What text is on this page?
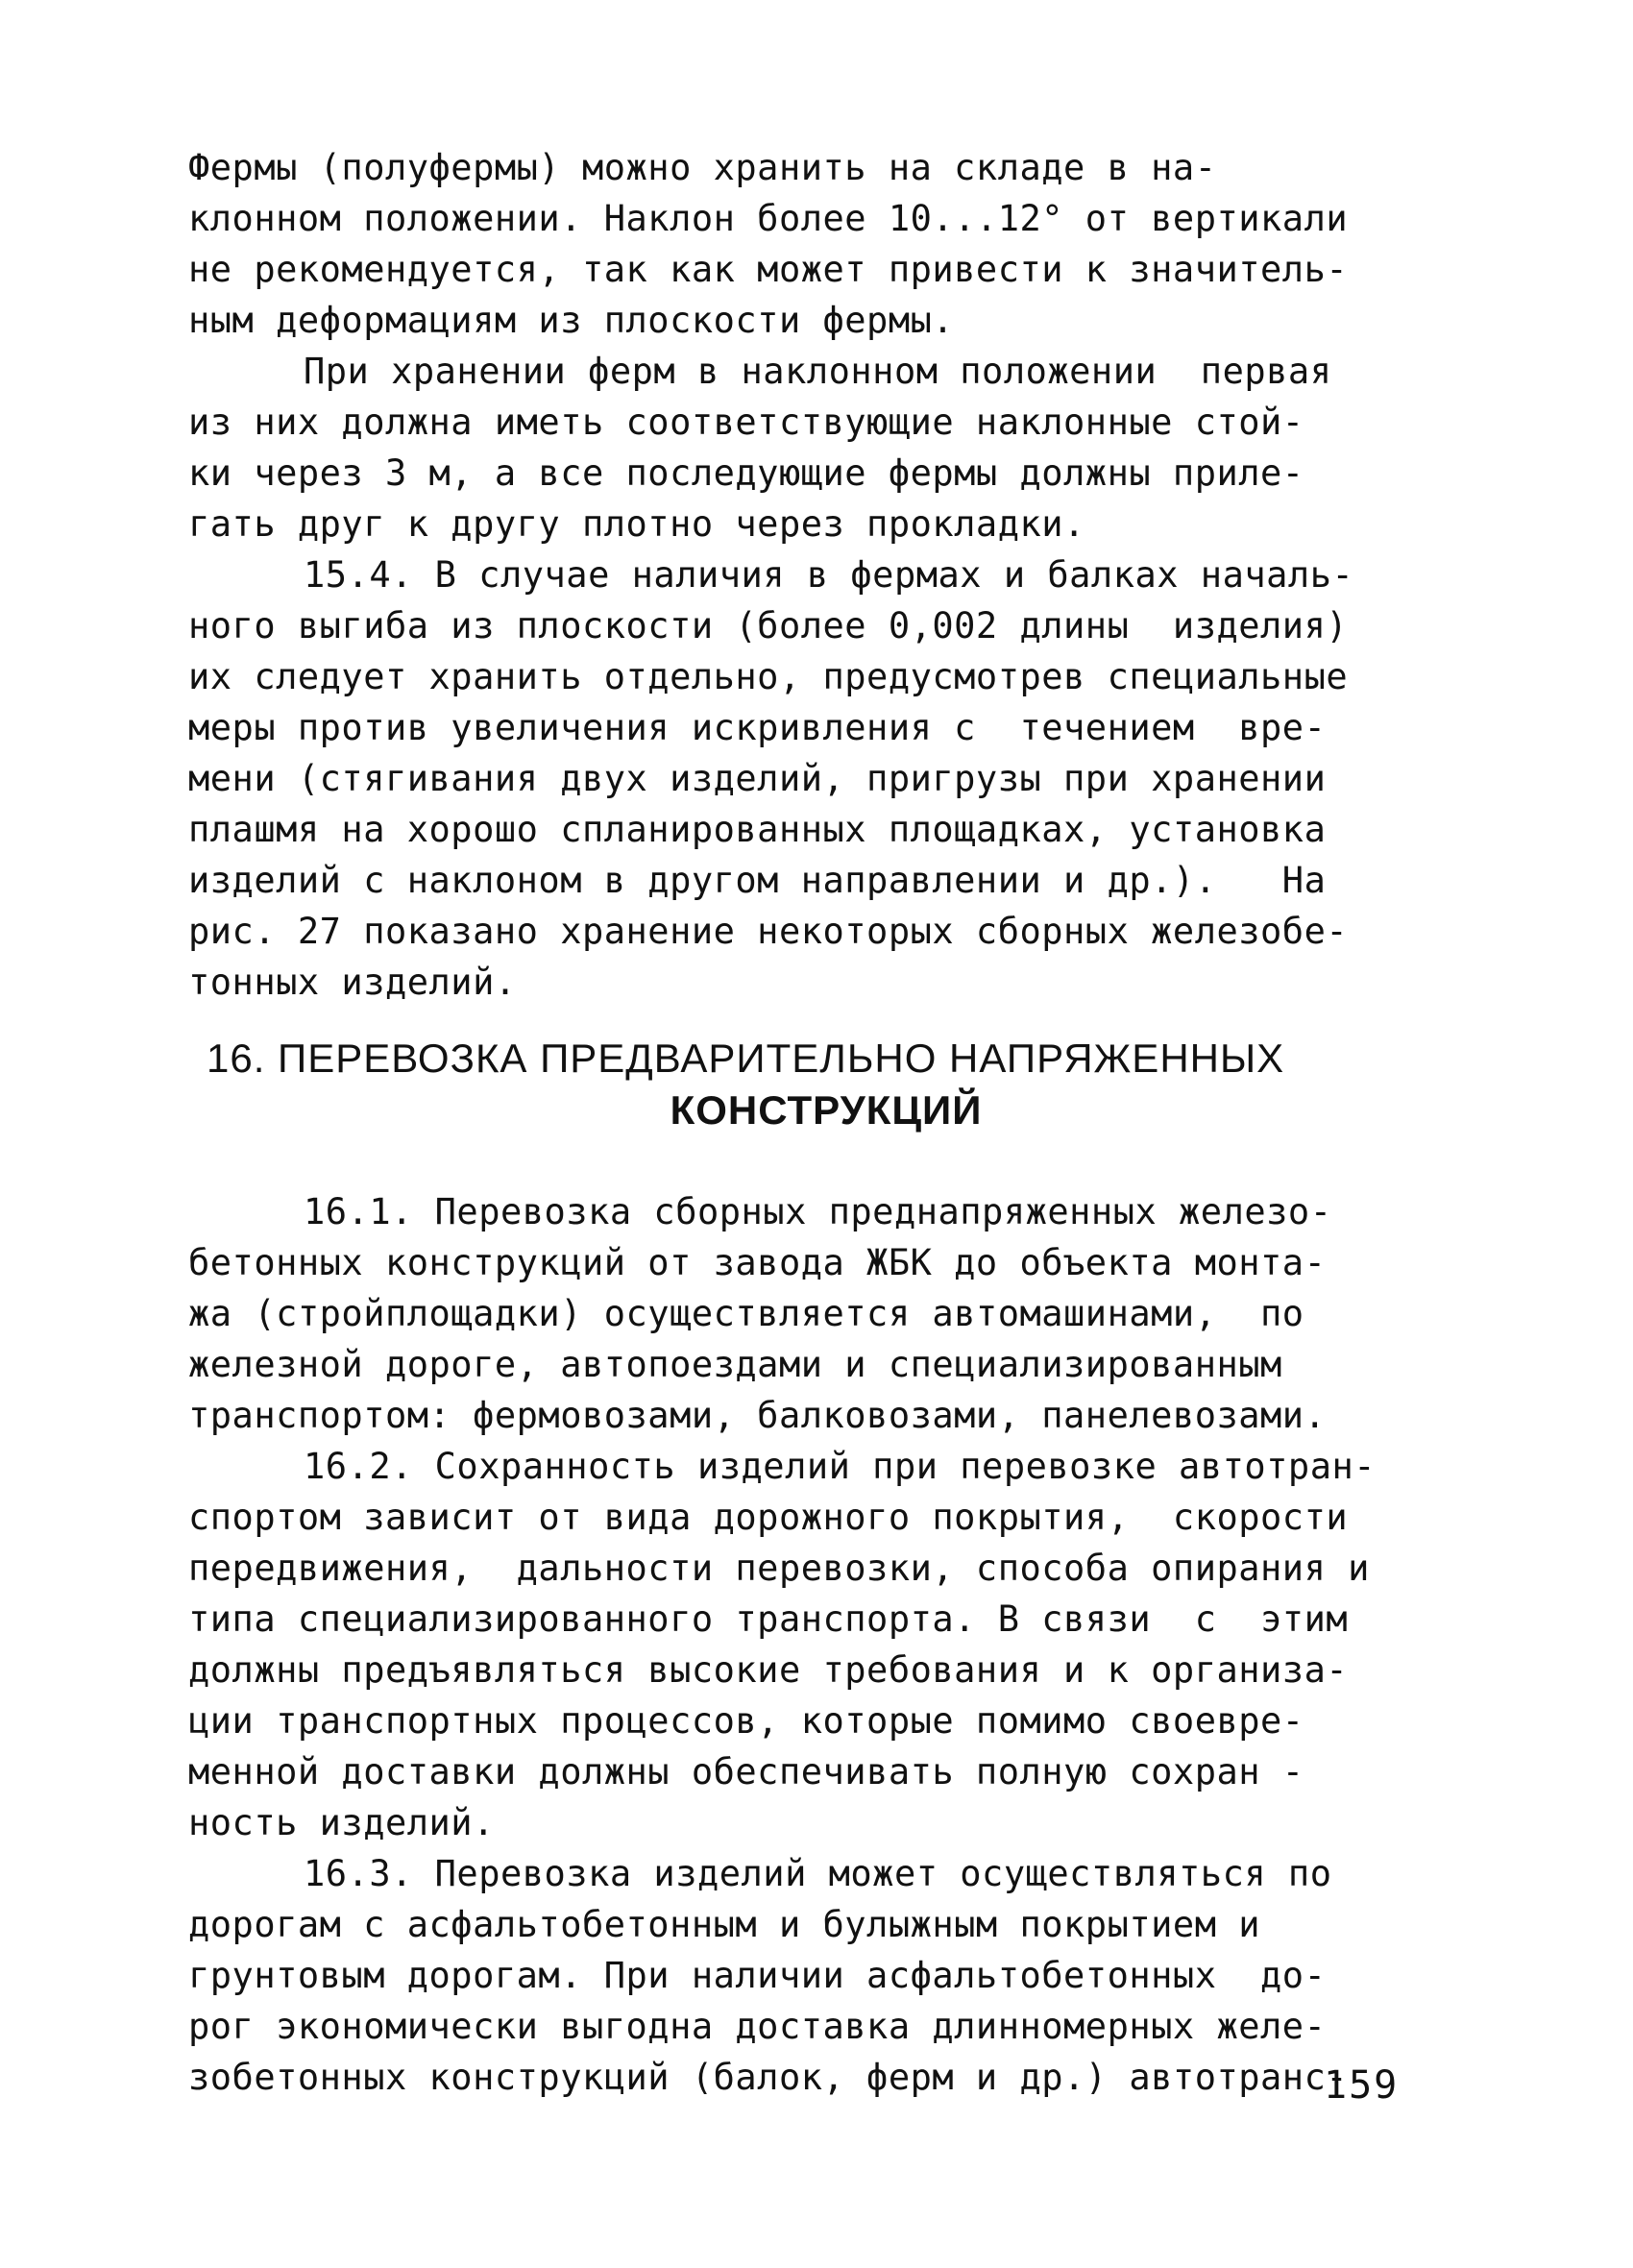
Фермы (полуфермы) можно хранить на складе в на-
клонном положении. Наклон более 10...12° от вертикали
не рекомендуется, так как может привести к значитель-
ным деформациям из плоскости фермы.
При хранении ферм в наклонном положении  первая
из них должна иметь соответствующие наклонные стой-
ки через 3 м, а все последующие фермы должны приле-
гать друг к другу плотно через прокладки.
15.4. В случае наличия в фермах и балках началь-
ного выгиба из плоскости (более 0,002 длины  изделия)
их следует хранить отдельно, предусмотрев специальные
меры против увеличения искривления с  течением  вре-
мени (стягивания двух изделий, пригрузы при хранении
плашмя на хорошо спланированных площадках, установка
изделий с наклоном в другом направлении и др.).   На
рис. 27 показано хранение некоторых сборных железобе-
тонных изделий.
16. ПЕРЕВОЗКА ПРЕДВАРИТЕЛЬНО НАПРЯЖЕННЫХ
КОНСТРУКЦИЙ
16.1. Перевозка сборных преднапряженных железо-
бетонных конструкций от завода ЖБК до объекта монта-
жа (стройплощадки) осуществляется автомашинами,  по
железной дороге, автопоездами и специализированным
транспортом: фермовозами, балковозами, панелевозами.
16.2. Сохранность изделий при перевозке автотран-
спортом зависит от вида дорожного покрытия,  скорости
передвижения,  дальности перевозки, способа опирания и
типа специализированного транспорта. В связи  с  этим
должны предъявляться высокие требования и к организа-
ции транспортных процессов, которые помимо своевре-
менной доставки должны обеспечивать полную сохран -
ность изделий.
16.3. Перевозка изделий может осуществляться по
дорогам с асфальтобетонным и булыжным покрытием и
грунтовым дорогам. При наличии асфальтобетонных  до-
рог экономически выгодна доставка длинномерных желе-
зобетонных конструкций (балок, ферм и др.) автотранс-
159
